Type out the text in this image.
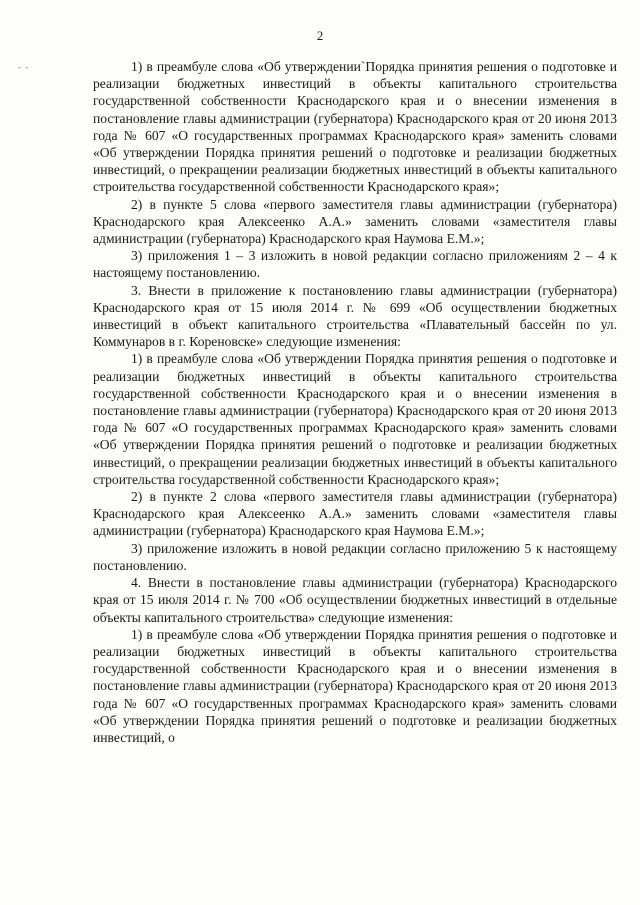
2
- -	1) в преамбуле слова «Об утверждении`Порядка принятия решения о подготовке и реализации бюджетных инвестиций в объекты капитального строительства государственной собственности Краснодарского края и о внесении изменения в постановление главы администрации (губернатора) Краснодарского края от 20 июня 2013 года № 607 «О государственных программах Краснодарского края» заменить словами «Об утверждении Порядка принятия решений о подготовке и реализации бюджетных инвестиций, о прекращении реализации бюджетных инвестиций в объекты капитального строительства государственной собственности Краснодарского края»;

2) в пункте 5 слова «первого заместителя главы администрации (губернатора) Краснодарского края Алексеенко А.А.» заменить словами «заместителя главы администрации (губернатора) Краснодарского края Наумова Е.М.»;

3) приложения 1 – 3 изложить в новой редакции согласно приложениям 2 – 4 к настоящему постановлению.

3. Внести в приложение к постановлению главы администрации (губернатора) Краснодарского края от 15 июля 2014 г. № 699 «Об осуществлении бюджетных инвестиций в объект капитального строительства «Плавательный бассейн по ул. Коммунаров в г. Кореновске» следующие изменения:

1) в преамбуле слова «Об утверждении Порядка принятия решения о подготовке и реализации бюджетных инвестиций в объекты капитального строительства государственной собственности Краснодарского края и о внесении изменения в постановление главы администрации (губернатора) Краснодарского края от 20 июня 2013 года № 607 «О государственных программах Краснодарского края» заменить словами «Об утверждении Порядка принятия решений о подготовке и реализации бюджетных инвестиций, о прекращении реализации бюджетных инвестиций в объекты капитального строительства государственной собственности Краснодарского края»;

2) в пункте 2 слова «первого заместителя главы администрации (губернатора) Краснодарского края Алексеенко А.А.» заменить словами «заместителя главы администрации (губернатора) Краснодарского края Наумова Е.М.»;

3) приложение изложить в новой редакции согласно приложению 5 к настоящему постановлению.

4. Внести в постановление главы администрации (губернатора) Краснодарского края от 15 июля 2014 г. № 700 «Об осуществлении бюджетных инвестиций в отдельные объекты капитального строительства» следующие изменения:

1) в преамбуле слова «Об утверждении Порядка принятия решения о подготовке и реализации бюджетных инвестиций в объекты капитального строительства государственной собственности Краснодарского края и о внесении изменения в постановление главы администрации (губернатора) Краснодарского края от 20 июня 2013 года № 607 «О государственных программах Краснодарского края» заменить словами «Об утверждении Порядка принятия решений о подготовке и реализации бюджетных инвестиций, о
